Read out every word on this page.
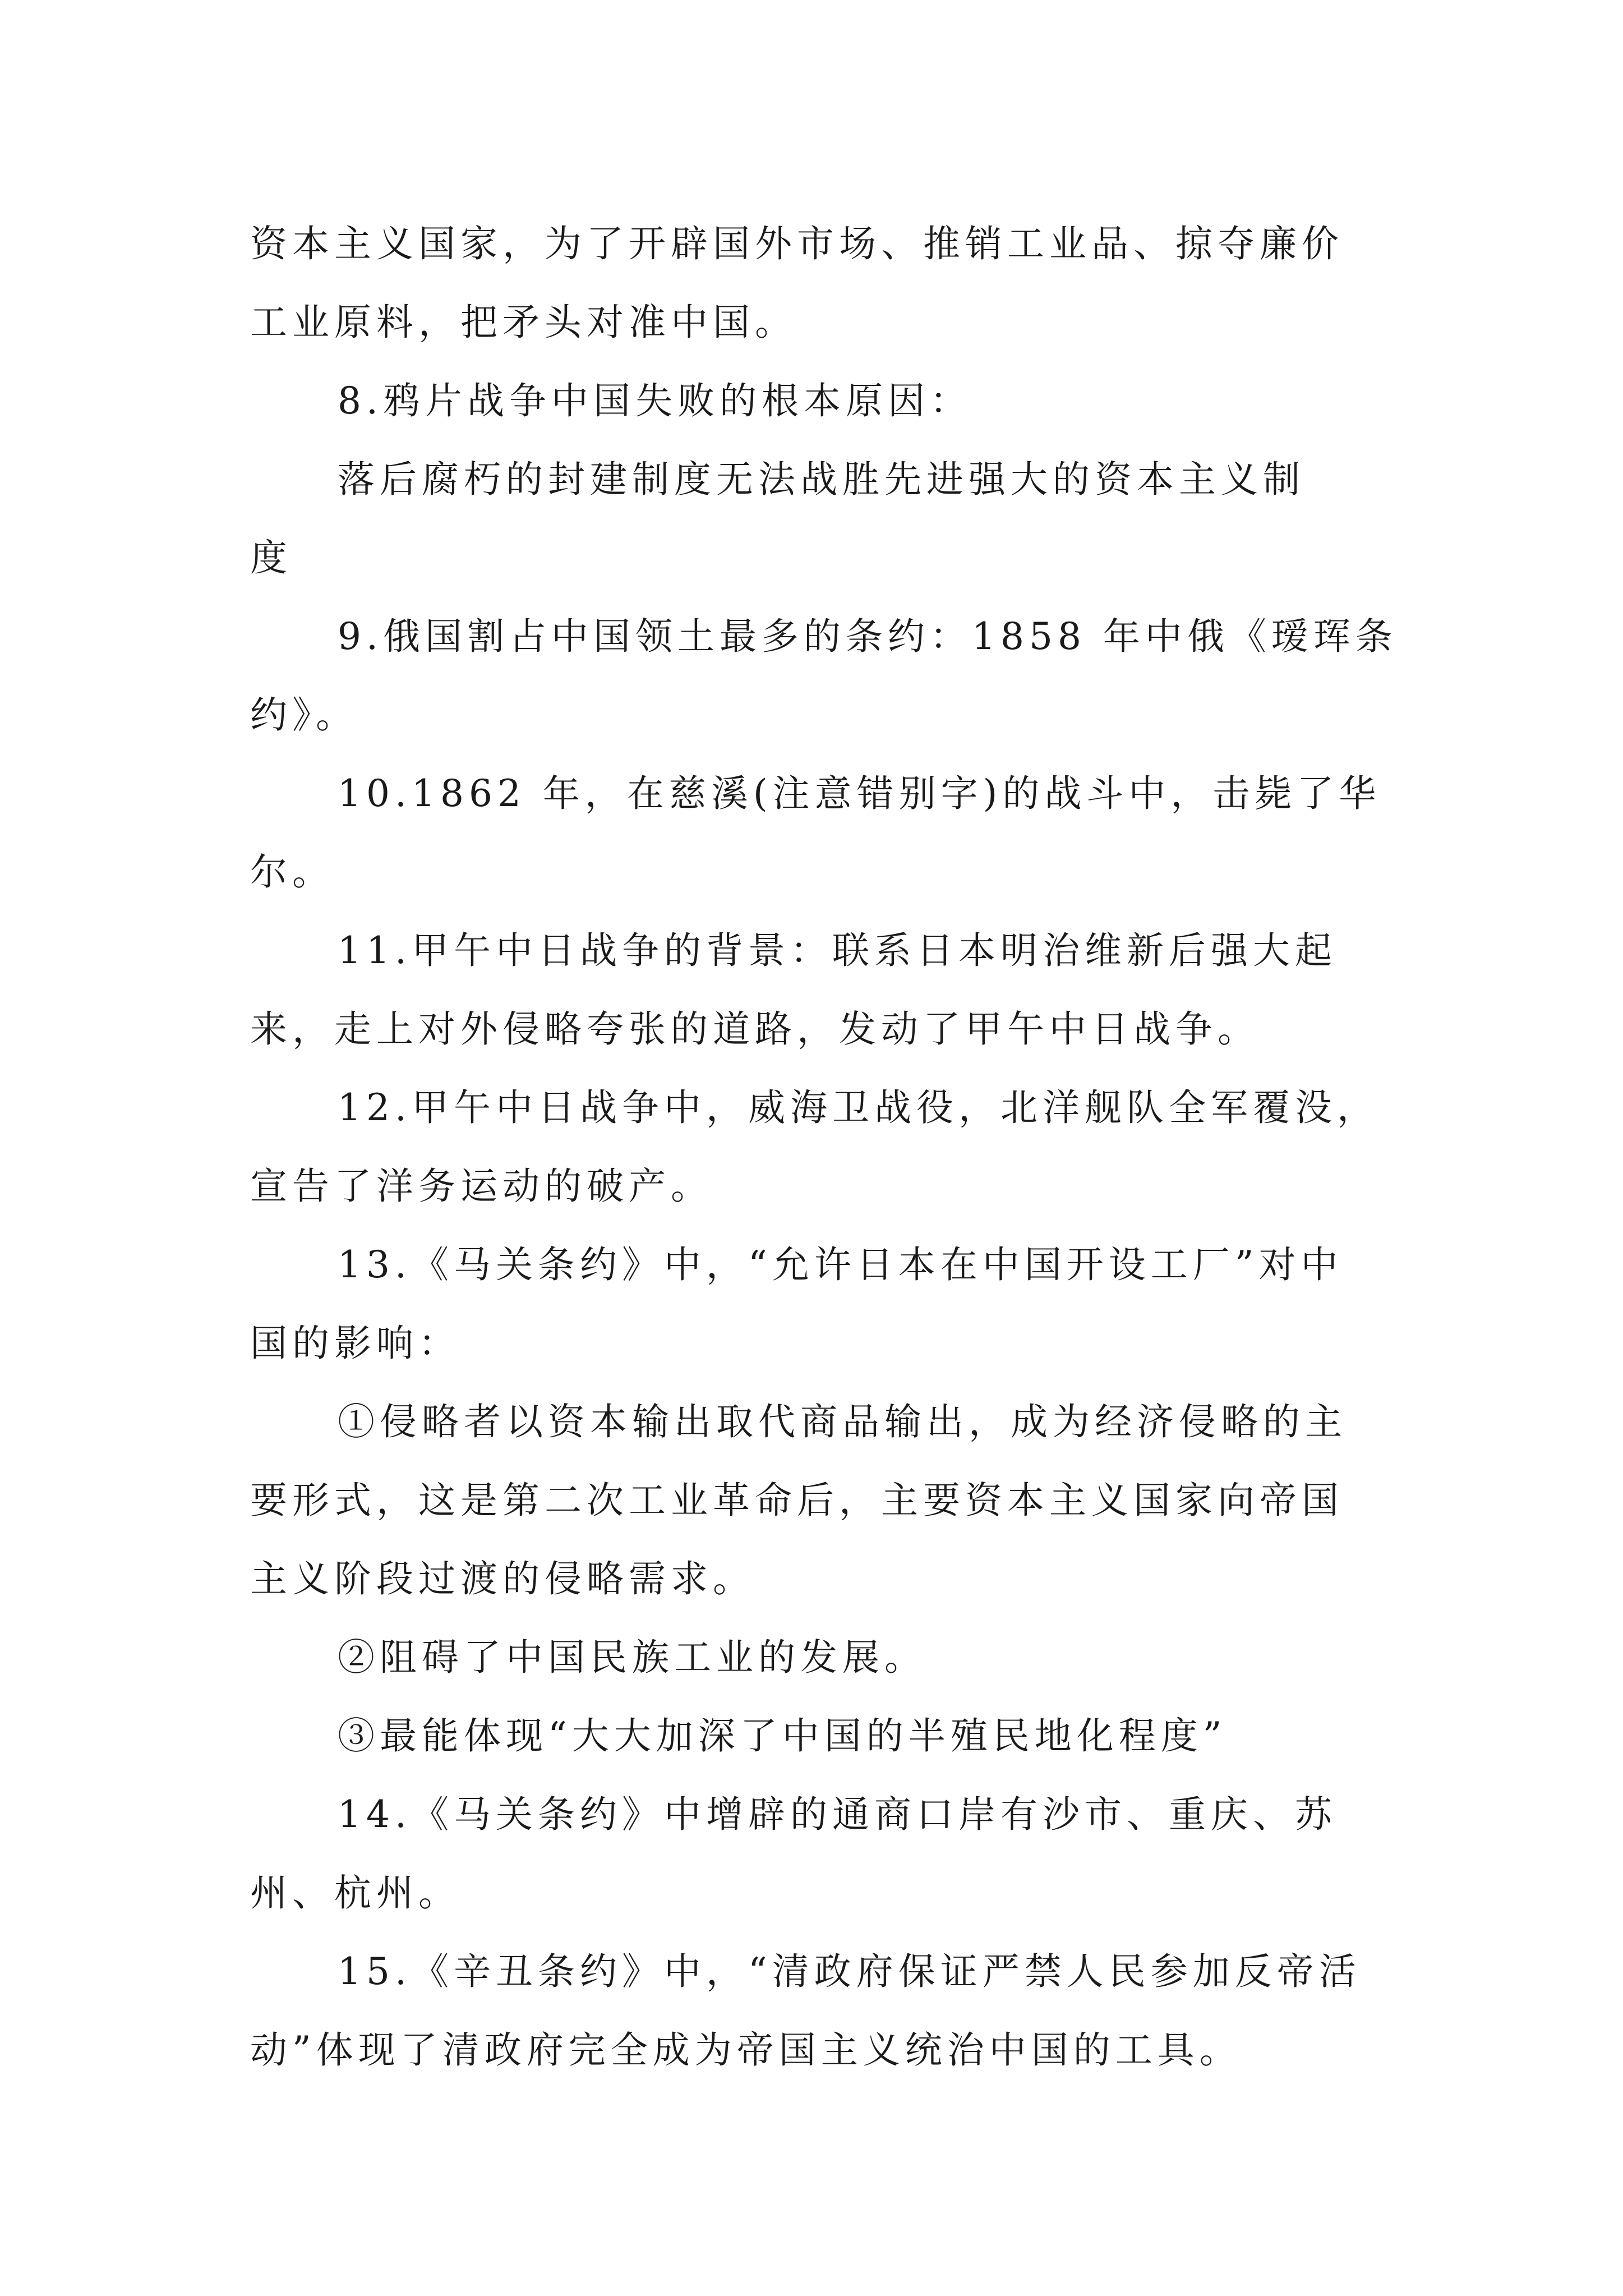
资本主义国家，为了开辟国外市场、推销工业品、掠夺廉价
工业原料，把矛头对准中国。
8.鸦片战争中国失败的根本原因：
落后腐朽的封建制度无法战胜先进强大的资本主义制
度
9.俄国割占中国领土最多的条约：1858 年中俄《瑷珲条
约》。
10.1862 年，在慈溪(注意错别字)的战斗中，击毙了华
尔。
11.甲午中日战争的背景：联系日本明治维新后强大起
来，走上对外侵略夸张的道路，发动了甲午中日战争。
12.甲午中日战争中，威海卫战役，北洋舰队全军覆没，
宣告了洋务运动的破产。
13.《马关条约》中，“允许日本在中国开设工厂”对中
国的影响：
①侵略者以资本输出取代商品输出，成为经济侵略的主
要形式，这是第二次工业革命后，主要资本主义国家向帝国
主义阶段过渡的侵略需求。
②阻碍了中国民族工业的发展。
③最能体现“大大加深了中国的半殖民地化程度”
14.《马关条约》中增辟的通商口岸有沙市、重庆、苏
州、杭州。
15.《辛丑条约》中，“清政府保证严禁人民参加反帝活
动”体现了清政府完全成为帝国主义统治中国的工具。
